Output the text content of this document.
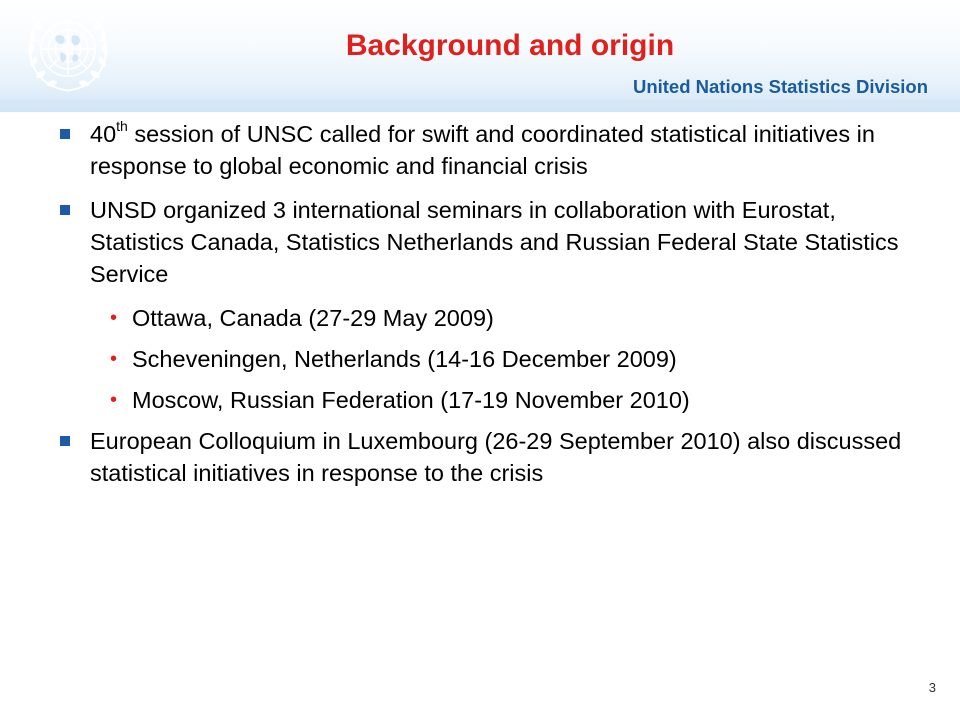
Background and origin
United Nations Statistics Division
40th session of UNSC called for swift and coordinated statistical initiatives in response to global economic and financial crisis
UNSD organized 3 international seminars in collaboration with Eurostat, Statistics Canada, Statistics Netherlands and Russian Federal State Statistics Service
• Ottawa, Canada (27-29 May 2009)
• Scheveningen, Netherlands (14-16 December 2009)
• Moscow, Russian Federation (17-19 November 2010)
European Colloquium in Luxembourg (26-29 September 2010) also discussed statistical initiatives in response to the crisis
3
